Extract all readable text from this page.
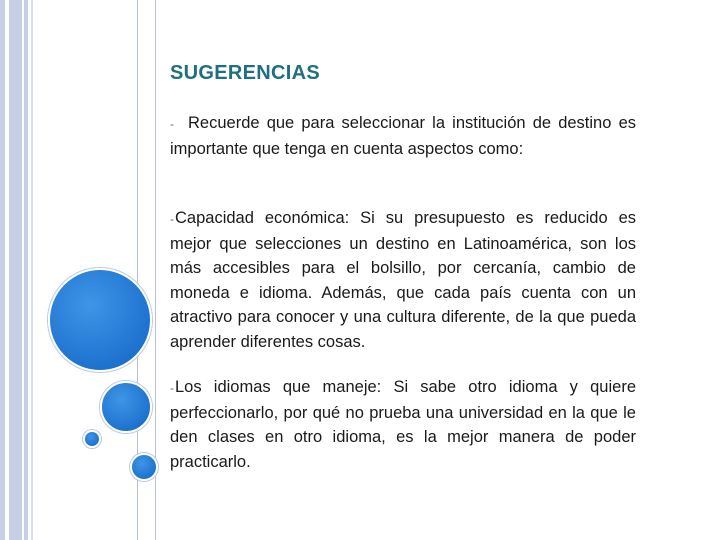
SUGERENCIAS

- Recuerde que para seleccionar la institución de destino es importante que tenga en cuenta aspectos como:

-Capacidad económica: Si su presupuesto es reducido es mejor que selecciones un destino en Latinoamérica, son los más accesibles para el bolsillo, por cercanía, cambio de moneda e idioma. Además, que cada país cuenta con un atractivo para conocer y una cultura diferente, de la que pueda aprender diferentes cosas.

-Los idiomas que maneje: Si sabe otro idioma y quiere perfeccionarlo, por qué no prueba una universidad en la que le den clases en otro idioma, es la mejor manera de poder practicarlo.
